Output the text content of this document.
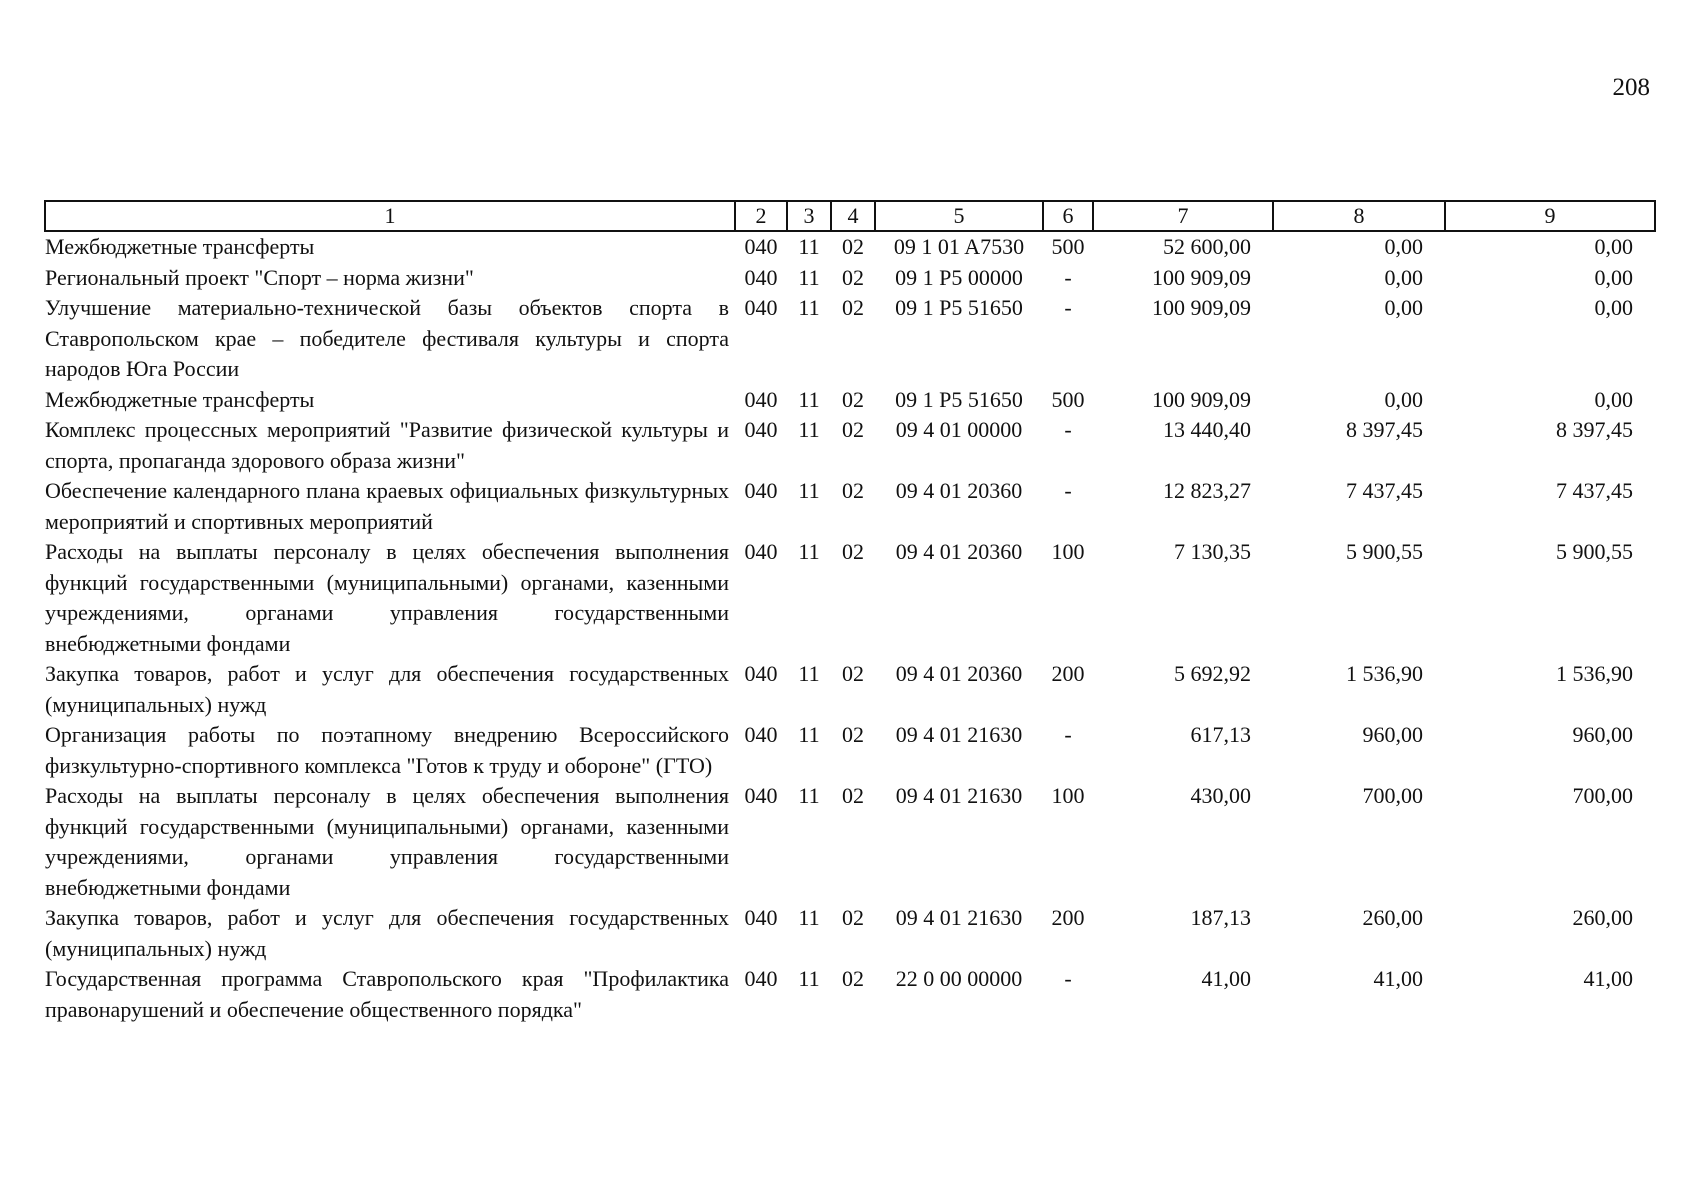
208
1	2	3	4	5	6	7	8	9
Межбюджетные трансферты	040	11	02	09 1 01 A7530	500	52 600,00	0,00	0,00
Региональный проект "Спорт – норма жизни"	040	11	02	09 1 P5 00000	-	100 909,09	0,00	0,00
Улучшение материально-технической базы объектов спорта в Ставропольском крае – победителе фестиваля культуры и спорта народов Юга России	040	11	02	09 1 P5 51650	-	100 909,09	0,00	0,00
Межбюджетные трансферты	040	11	02	09 1 P5 51650	500	100 909,09	0,00	0,00
Комплекс процессных мероприятий "Развитие физической культуры и спорта, пропаганда здорового образа жизни"	040	11	02	09 4 01 00000	-	13 440,40	8 397,45	8 397,45
Обеспечение календарного плана краевых официальных физкультурных мероприятий и спортивных мероприятий	040	11	02	09 4 01 20360	-	12 823,27	7 437,45	7 437,45
Расходы на выплаты персоналу в целях обеспечения выполнения функций государственными (муниципальными) органами, казенными учреждениями, органами управления государственными внебюджетными фондами	040	11	02	09 4 01 20360	100	7 130,35	5 900,55	5 900,55
Закупка товаров, работ и услуг для обеспечения государственных (муниципальных) нужд	040	11	02	09 4 01 20360	200	5 692,92	1 536,90	1 536,90
Организация работы по поэтапному внедрению Всероссийского физкультурно-спортивного комплекса "Готов к труду и обороне" (ГТО)	040	11	02	09 4 01 21630	-	617,13	960,00	960,00
Расходы на выплаты персоналу в целях обеспечения выполнения функций государственными (муниципальными) органами, казенными учреждениями, органами управления государственными внебюджетными фондами	040	11	02	09 4 01 21630	100	430,00	700,00	700,00
Закупка товаров, работ и услуг для обеспечения государственных (муниципальных) нужд	040	11	02	09 4 01 21630	200	187,13	260,00	260,00
Государственная программа Ставропольского края "Профилактика правонарушений и обеспечение общественного порядка"	040	11	02	22 0 00 00000	-	41,00	41,00	41,00
